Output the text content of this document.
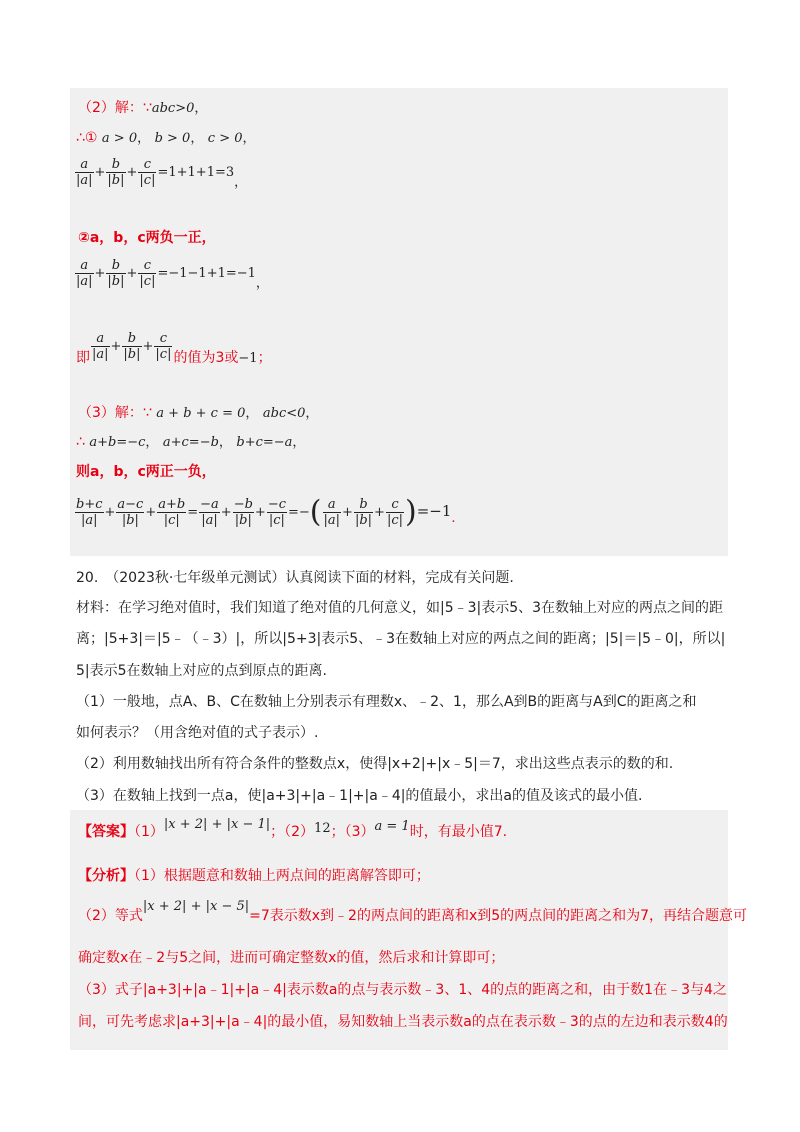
（2）解：∵abc>0，
∴① a > 0， b > 0， c > 0，
$\frac{a}{|a|} + \frac{b}{|b|} + \frac{c}{|c|} =1+1+1=3$，
②a，b，c两负一正，
$\frac{a}{|a|} + \frac{b}{|b|} + \frac{c}{|c|} =-1-1+1=-1$，
即 $\frac{a}{|a|} + \frac{b}{|b|} + \frac{c}{|c|}$ 的值为3或−1；
（3）解：∵ a + b + c = 0， abc<0，
∴ a+b=−c， a+c=−b， b+c=−a，
则a，b，c两正一负，
$\frac{b+c}{|a|} + \frac{a-c}{|b|} + \frac{a+b}{|c|} = \frac{-a}{|a|} + \frac{-b}{|b|} + \frac{-c}{|c|}$ =−( $\frac{a}{|a|} + \frac{b}{|b|} + \frac{c}{|c|} )=-1$.
20.　（2023秋·七年级单元测试）认真阅读下面的材料，完成有关问题.
材料：在学习绝对值时，我们知道了绝对值的几何意义，如|5﹣3|表示5、3在数轴上对应的两点之间的距
离；|5+3|＝|5﹣（﹣3）|，所以|5+3|表示5、﹣3在数轴上对应的两点之间的距离；|5|＝|5﹣0|，所以|
5|表示5在数轴上对应的点到原点的距离.
（1）一般地，点A、B、C在数轴上分别表示有理数x、﹣2、1，那么A到B的距离与A到C的距离之和
如何表示？（用含绝对值的式子表示）.
（2）利用数轴找出所有符合条件的整数点x，使得|x+2|+|x﹣5|＝7，求出这些点表示的数的和.
（3）在数轴上找到一点a，使|a+3|+|a﹣1|+|a﹣4|的值最小，求出a的值及该式的最小值.
【答案】（1）|x + 2| + |x − 1|；（2）12；（3）a = 1时，有最小值7.
【分析】（1）根据题意和数轴上两点间的距离解答即可；
（2）等式|x + 2| + |x − 5|=7表示数x到﹣2的两点间的距离和x到5的两点间的距离之和为7，再结合题意可
确定数x在﹣2与5之间，进而可确定整数x的值，然后求和计算即可；
（3）式子|a+3|+|a﹣1|+|a﹣4|表示数a的点与表示数﹣3、1、4的点的距离之和，由于数1在﹣3与4之
间，可先考虑求|a+3|+|a﹣4|的最小值，易知数轴上当表示数a的点在表示数﹣3的点的左边和表示数4的
